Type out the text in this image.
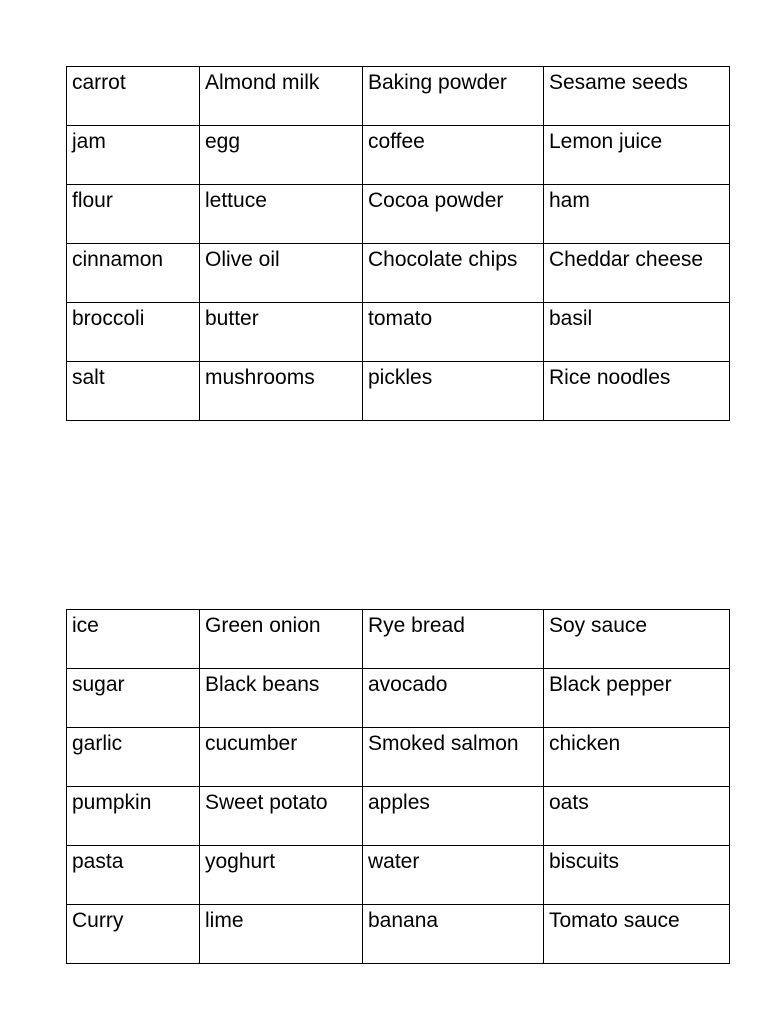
carrot	Almond milk	Baking powder	Sesame seeds
jam	egg	coffee	Lemon juice
flour	lettuce	Cocoa powder	ham
cinnamon	Olive oil	Chocolate chips	Cheddar cheese
broccoli	butter	tomato	basil
salt	mushrooms	pickles	Rice noodles
ice	Green onion	Rye bread	Soy sauce
sugar	Black beans	avocado	Black pepper
garlic	cucumber	Smoked salmon	chicken
pumpkin	Sweet potato	apples	oats
pasta	yoghurt	water	biscuits
Curry	lime	banana	Tomato sauce
